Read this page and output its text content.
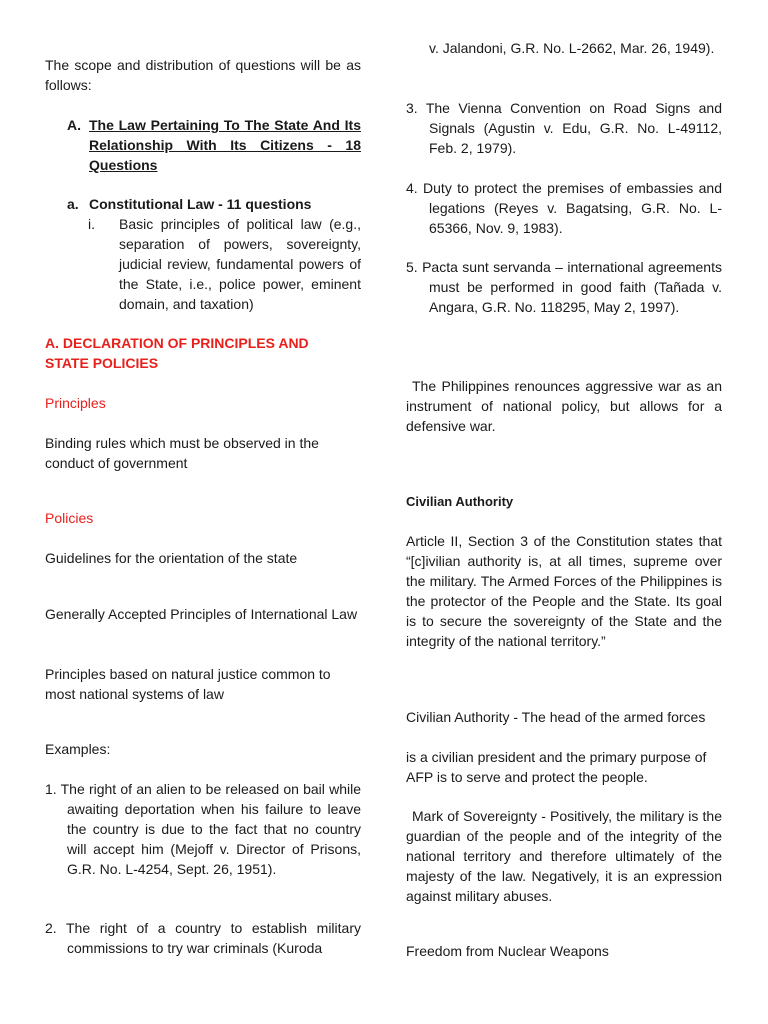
The scope and distribution of questions will be as follows:

A. The Law Pertaining To The State And Its Relationship With Its Citizens - 18 Questions

a. Constitutional Law - 11 questions

i. Basic principles of political law (e.g., separation of powers, sovereignty, judicial review, fundamental powers of the State, i.e., police power, eminent domain, and taxation)

A. DECLARATION OF PRINCIPLES AND STATE POLICIES

Principles

Binding rules which must be observed in the conduct of government

Policies

Guidelines for the orientation of the state

Generally Accepted Principles of International Law

Principles based on natural justice common to most national systems of law

Examples:

1. The right of an alien to be released on bail while awaiting deportation when his failure to leave the country is due to the fact that no country will accept him (Mejoff v. Director of Prisons, G.R. No. L-4254, Sept. 26, 1951).

2. The right of a country to establish military commissions to try war criminals (Kuroda

v. Jalandoni, G.R. No. L-2662, Mar. 26, 1949).

3. The Vienna Convention on Road Signs and Signals (Agustin v. Edu, G.R. No. L-49112, Feb. 2, 1979).

4. Duty to protect the premises of embassies and legations (Reyes v. Bagatsing, G.R. No. L-65366, Nov. 9, 1983).

5. Pacta sunt servanda – international agreements must be performed in good faith (Tañada v. Angara, G.R. No. 118295, May 2, 1997).

The Philippines renounces aggressive war as an instrument of national policy, but allows for a defensive war.

Civilian Authority

Article II, Section 3 of the Constitution states that “[c]ivilian authority is, at all times, supreme over the military. The Armed Forces of the Philippines is the protector of the People and the State. Its goal is to secure the sovereignty of the State and the integrity of the national territory.”

Civilian Authority - The head of the armed forces

is a civilian president and the primary purpose of AFP is to serve and protect the people.

Mark of Sovereignty - Positively, the military is the guardian of the people and of the integrity of the national territory and therefore ultimately of the majesty of the law. Negatively, it is an expression against military abuses.

Freedom from Nuclear Weapons
